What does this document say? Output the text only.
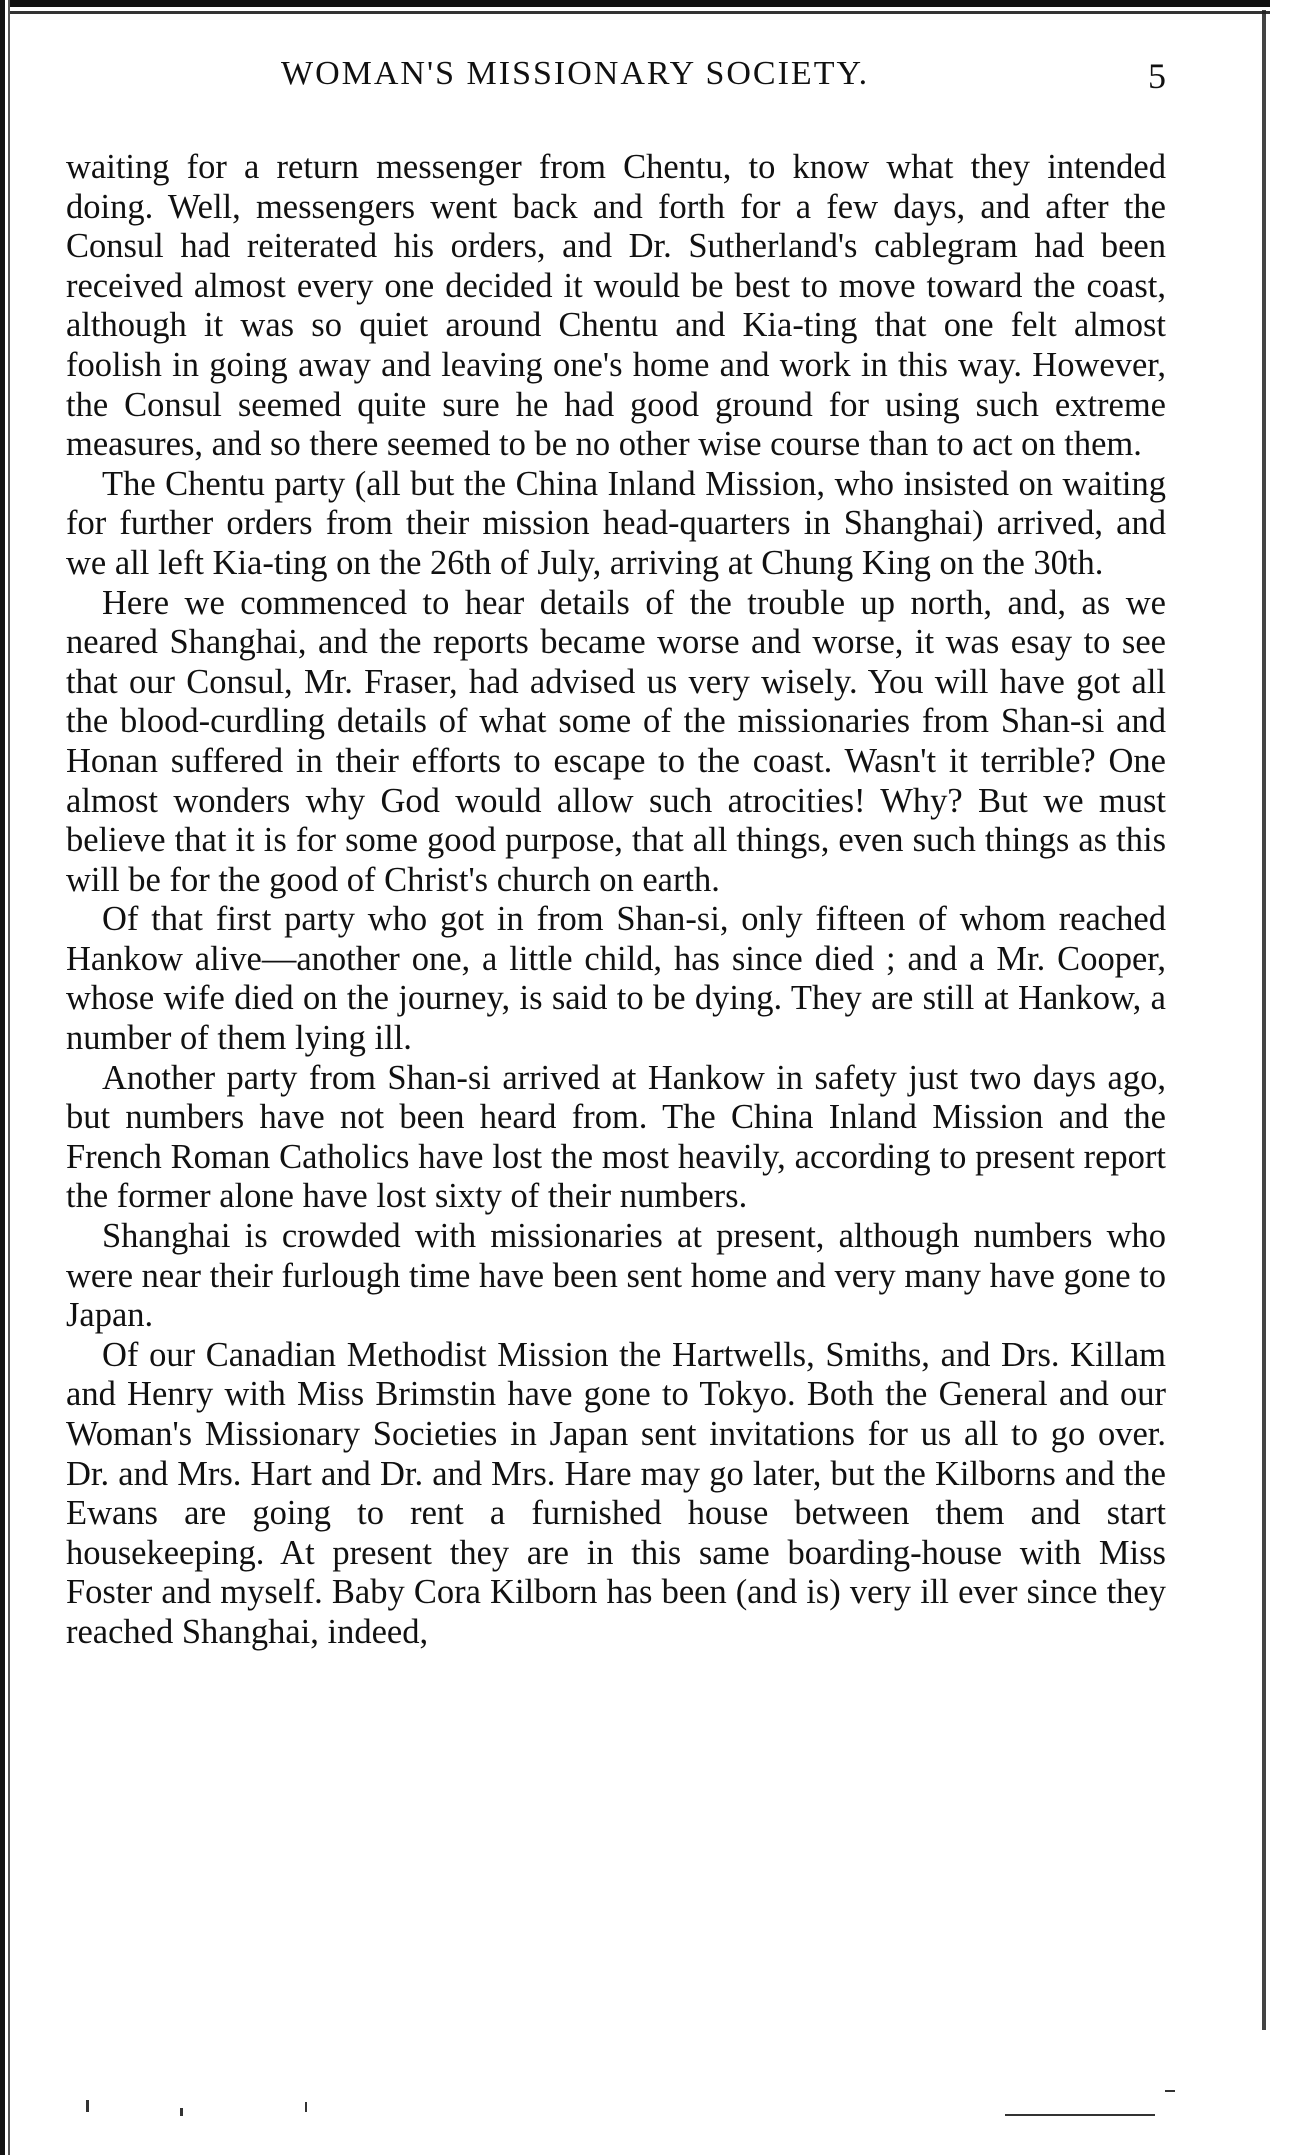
WOMAN'S MISSIONARY SOCIETY.	5

waiting for a return messenger from Chentu, to know what they intended doing. Well, messengers went back and forth for a few days, and after the Consul had reiterated his orders, and Dr. Sutherland's cablegram had been received almost every one decided it would be best to move toward the coast, although it was so quiet around Chentu and Kia-ting that one felt almost foolish in going away and leaving one's home and work in this way. However, the Consul seemed quite sure he had good ground for using such extreme measures, and so there seemed to be no other wise course than to act on them.

The Chentu party (all but the China Inland Mission, who insisted on waiting for further orders from their mission head-quarters in Shanghai) arrived, and we all left Kia-ting on the 26th of July, arriving at Chung King on the 30th.

Here we commenced to hear details of the trouble up north, and, as we neared Shanghai, and the reports became worse and worse, it was esay to see that our Consul, Mr. Fraser, had advised us very wisely. You will have got all the blood-curdling details of what some of the missionaries from Shan-si and Honan suffered in their efforts to escape to the coast. Wasn't it terrible? One almost wonders why God would allow such atrocities! Why? But we must believe that it is for some good purpose, that all things, even such things as this will be for the good of Christ's church on earth.

Of that first party who got in from Shan-si, only fifteen of whom reached Hankow alive—another one, a little child, has since died ; and a Mr. Cooper, whose wife died on the journey, is said to be dying. They are still at Hankow, a number of them lying ill.

Another party from Shan-si arrived at Hankow in safety just two days ago, but numbers have not been heard from. The China Inland Mission and the French Roman Catholics have lost the most heavily, according to present report the former alone have lost sixty of their numbers.

Shanghai is crowded with missionaries at present, although numbers who were near their furlough time have been sent home and very many have gone to Japan.

Of our Canadian Methodist Mission the Hartwells, Smiths, and Drs. Killam and Henry with Miss Brimstin have gone to Tokyo. Both the General and our Woman's Missionary Societies in Japan sent invitations for us all to go over. Dr. and Mrs. Hart and Dr. and Mrs. Hare may go later, but the Kilborns and the Ewans are going to rent a furnished house between them and start housekeeping. At present they are in this same boarding-house with Miss Foster and myself. Baby Cora Kilborn has been (and is) very ill ever since they reached Shanghai, indeed,
